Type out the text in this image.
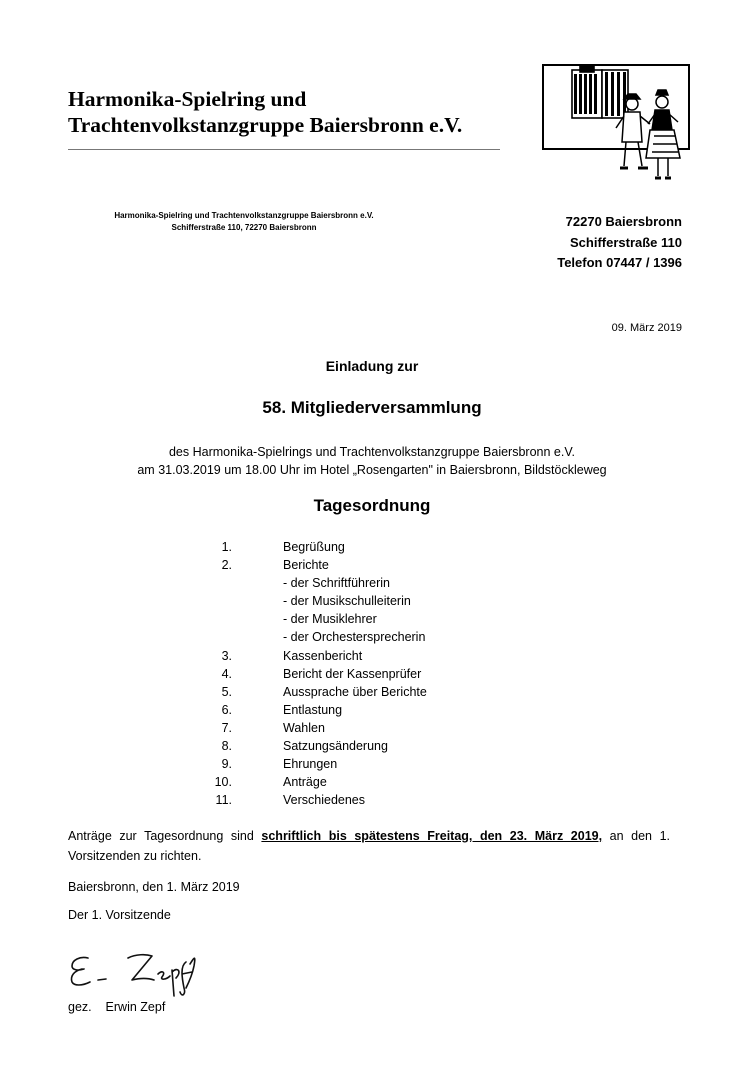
Harmonika-Spielring und
Trachtenvolkstanzgruppe Baiersbronn e.V.
Harmonika-Spielring und Trachtenvolkstanzgruppe Baiersbronn e.V.
Schifferstraße 110, 72270 Baiersbronn	72270 Baiersbronn
Schifferstraße 110
Telefon 07447 / 1396
09. März 2019
Einladung zur
58. Mitgliederversammlung
des Harmonika-Spielrings und Trachtenvolkstanzgruppe Baiersbronn e.V.
am 31.03.2019 um 18.00 Uhr im Hotel „Rosengarten" in Baiersbronn, Bildstöckleweg
Tagesordnung
1.	Begrüßung
2.	Berichte
- der Schriftführerin
- der Musikschulleiterin
- der Musiklehrer
- der Orchestersprecherin
3.	Kassenbericht
4.	Bericht der Kassenprüfer
5.	Aussprache über Berichte
6.	Entlastung
7.	Wahlen
8.	Satzungsänderung
9.	Ehrungen
10.	Anträge
11.	Verschiedenes
Anträge zur Tagesordnung sind schriftlich bis spätestens Freitag, den 23. März 2019, an den 1. Vorsitzenden zu richten.
Baiersbronn, den 1. März 2019
Der 1. Vorsitzende
gez. Erwin Zepf
